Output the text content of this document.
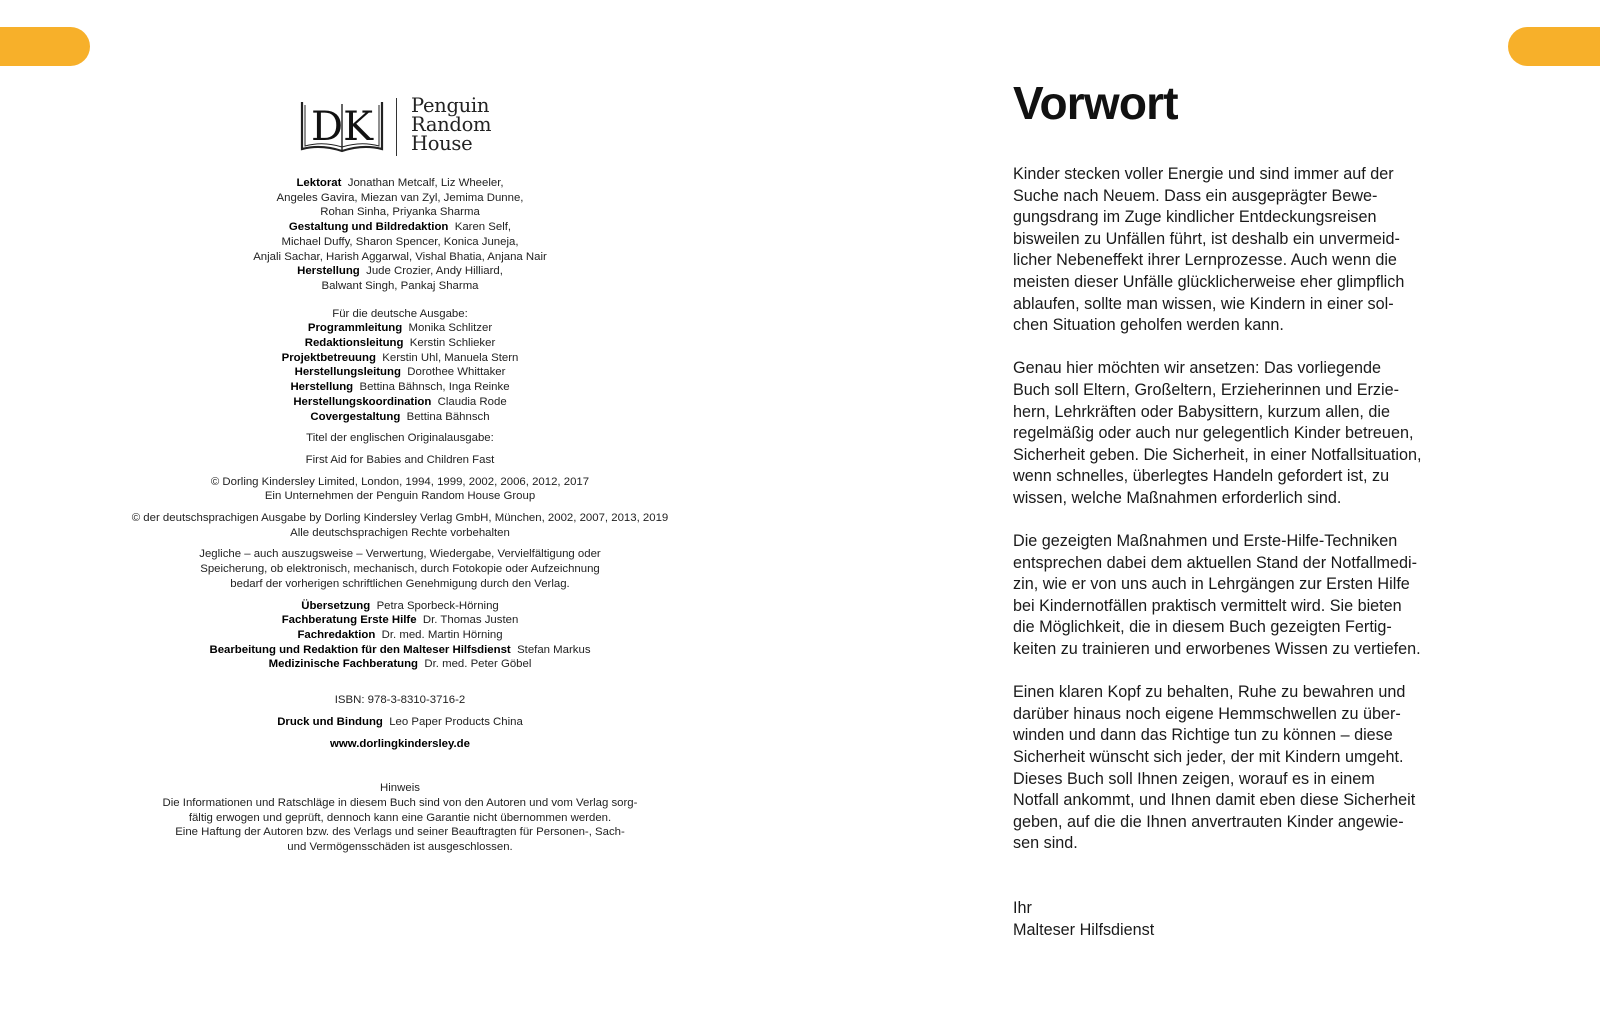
DK Penguin
Random
House
Lektorat Jonathan Metcalf, Liz Wheeler,
Angeles Gavira, Miezan van Zyl, Jemima Dunne,
Rohan Sinha, Priyanka Sharma
Gestaltung und Bildredaktion Karen Self,
Michael Duffy, Sharon Spencer, Konica Juneja,
Anjali Sachar, Harish Aggarwal, Vishal Bhatia, Anjana Nair
Herstellung Jude Crozier, Andy Hilliard,
Balwant Singh, Pankaj Sharma
Für die deutsche Ausgabe:
Programmleitung Monika Schlitzer
Redaktionsleitung Kerstin Schlieker
Projektbetreuung Kerstin Uhl, Manuela Stern
Herstellungsleitung Dorothee Whittaker
Herstellung Bettina Bähnsch, Inga Reinke
Herstellungskoordination Claudia Rode
Covergestaltung Bettina Bähnsch
Titel der englischen Originalausgabe:
First Aid for Babies and Children Fast
© Dorling Kindersley Limited, London, 1994, 1999, 2002, 2006, 2012, 2017
Ein Unternehmen der Penguin Random House Group
© der deutschsprachigen Ausgabe by Dorling Kindersley Verlag GmbH, München, 2002, 2007, 2013, 2019
Alle deutschsprachigen Rechte vorbehalten
Jegliche – auch auszugsweise – Verwertung, Wiedergabe, Vervielfältigung oder
Speicherung, ob elektronisch, mechanisch, durch Fotokopie oder Aufzeichnung
bedarf der vorherigen schriftlichen Genehmigung durch den Verlag.
Übersetzung Petra Sporbeck-Hörning
Fachberatung Erste Hilfe Dr. Thomas Justen
Fachredaktion Dr. med. Martin Hörning
Bearbeitung und Redaktion für den Malteser Hilfsdienst Stefan Markus
Medizinische Fachberatung Dr. med. Peter Göbel
ISBN: 978-3-8310-3716-2
Druck und Bindung Leo Paper Products China
www.dorlingkindersley.de
Hinweis
Die Informationen und Ratschläge in diesem Buch sind von den Autoren und vom Verlag sorg-
fältig erwogen und geprüft, dennoch kann eine Garantie nicht übernommen werden.
Eine Haftung der Autoren bzw. des Verlags und seiner Beauftragten für Personen-, Sach-
und Vermögensschäden ist ausgeschlossen.
Vorwort
Kinder stecken voller Energie und sind immer auf der
Suche nach Neuem. Dass ein ausgeprägter Bewe-
gungsdrang im Zuge kindlicher Entdeckungsreisen
bisweilen zu Unfällen führt, ist deshalb ein unvermeid-
licher Nebeneffekt ihrer Lernprozesse. Auch wenn die
meisten dieser Unfälle glücklicherweise eher glimpflich
ablaufen, sollte man wissen, wie Kindern in einer sol-
chen Situation geholfen werden kann.
Genau hier möchten wir ansetzen: Das vorliegende
Buch soll Eltern, Großeltern, Erzieherinnen und Erzie-
hern, Lehrkräften oder Babysittern, kurzum allen, die
regelmäßig oder auch nur gelegentlich Kinder betreuen,
Sicherheit geben. Die Sicherheit, in einer Notfallsituation,
wenn schnelles, überlegtes Handeln gefordert ist, zu
wissen, welche Maßnahmen erforderlich sind.
Die gezeigten Maßnahmen und Erste-Hilfe-Techniken
entsprechen dabei dem aktuellen Stand der Notfallmedi-
zin, wie er von uns auch in Lehrgängen zur Ersten Hilfe
bei Kindernotfällen praktisch vermittelt wird. Sie bieten
die Möglichkeit, die in diesem Buch gezeigten Fertig-
keiten zu trainieren und erworbenes Wissen zu vertiefen.
Einen klaren Kopf zu behalten, Ruhe zu bewahren und
darüber hinaus noch eigene Hemmschwellen zu über-
winden und dann das Richtige tun zu können – diese
Sicherheit wünscht sich jeder, der mit Kindern umgeht.
Dieses Buch soll Ihnen zeigen, worauf es in einem
Notfall ankommt, und Ihnen damit eben diese Sicherheit
geben, auf die die Ihnen anvertrauten Kinder angewie-
sen sind.
Ihr
Malteser Hilfsdienst
